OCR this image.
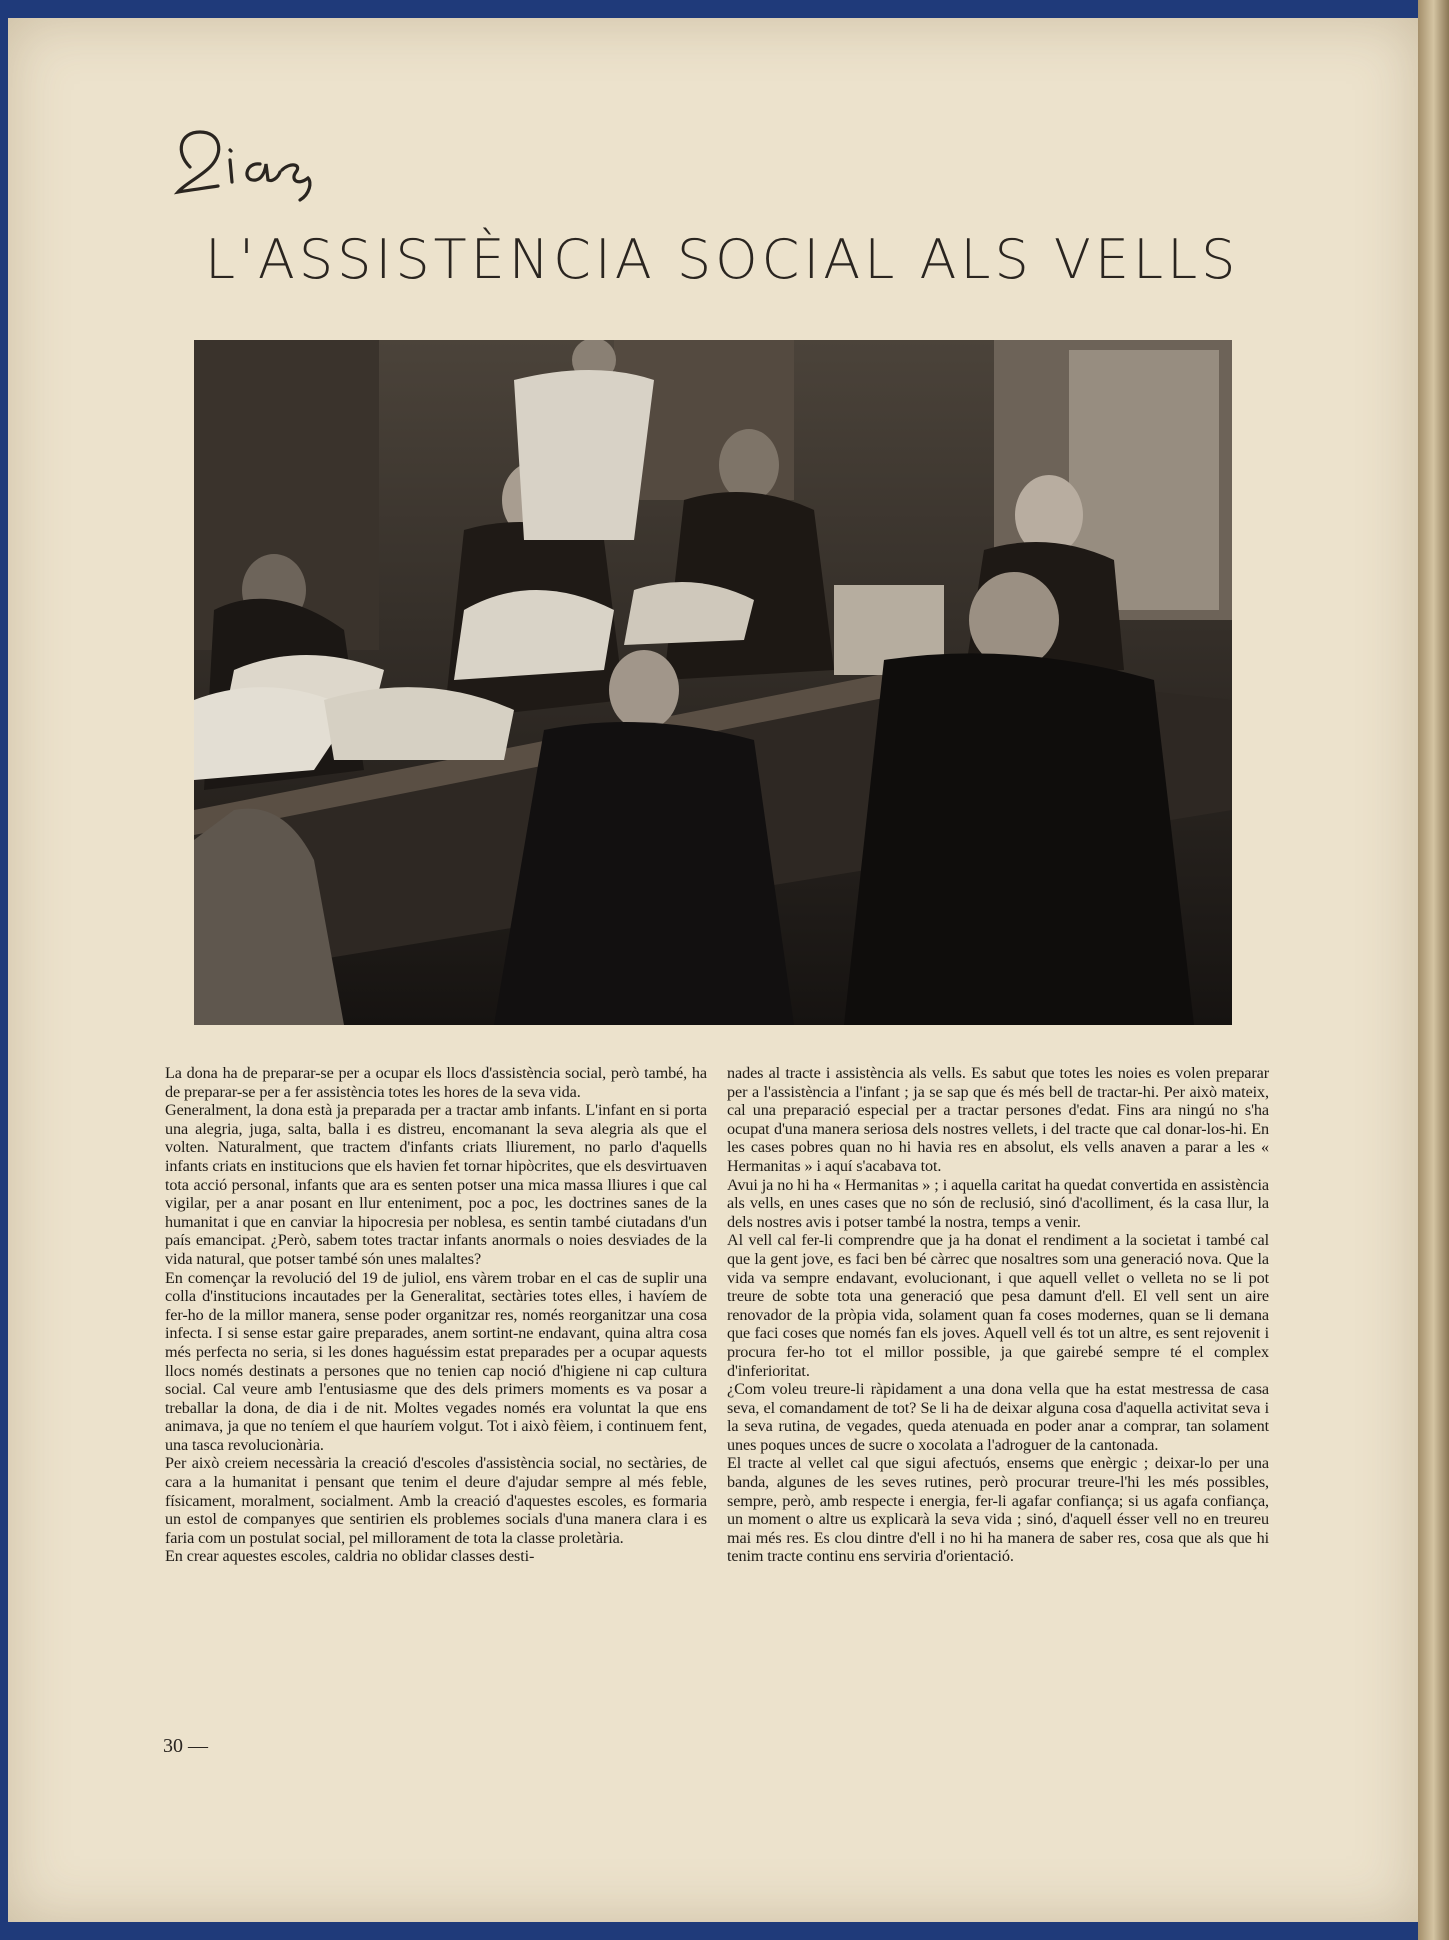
L'ASSISTÈNCIA SOCIAL ALS VELLS

La dona ha de preparar-se per a ocupar els llocs d'assistència social, però també, ha de preparar-se per a fer assistència totes les hores de la seva vida.

Generalment, la dona està ja preparada per a tractar amb infants. L'infant en si porta una alegria, juga, salta, balla i es distreu, encomanant la seva alegria als que el volten. Naturalment, que tractem d'infants criats lliurement, no parlo d'aquells infants criats en institucions que els havien fet tornar hipòcrites, que els desvirtuaven tota acció personal, infants que ara es senten potser una mica massa lliures i que cal vigilar, per a anar posant en llur enteniment, poc a poc, les doctrines sanes de la humanitat i que en canviar la hipocresia per noblesa, es sentin també ciutadans d'un país emancipat. ¿Però, sabem totes tractar infants anormals o noies desviades de la vida natural, que potser també són unes malaltes?

En començar la revolució del 19 de juliol, ens vàrem trobar en el cas de suplir una colla d'institucions incautades per la Generalitat, sectàries totes elles, i havíem de fer-ho de la millor manera, sense poder organitzar res, només reorganitzar una cosa infecta. I si sense estar gaire preparades, anem sortint-ne endavant, quina altra cosa més perfecta no seria, si les dones haguéssim estat preparades per a ocupar aquests llocs només destinats a persones que no tenien cap noció d'higiene ni cap cultura social. Cal veure amb l'entusiasme que des dels primers moments es va posar a treballar la dona, de dia i de nit. Moltes vegades només era voluntat la que ens animava, ja que no teníem el que hauríem volgut. Tot i això fèiem, i continuem fent, una tasca revolucionària.

Per això creiem necessària la creació d'escoles d'assistència social, no sectàries, de cara a la humanitat i pensant que tenim el deure d'ajudar sempre al més feble, físicament, moralment, socialment. Amb la creació d'aquestes escoles, es formaria un estol de companyes que sentirien els problemes socials d'una manera clara i es faria com un postulat social, pel millorament de tota la classe proletària.

En crear aquestes escoles, caldria no oblidar classes desti-

nades al tracte i assistència als vells. Es sabut que totes les noies es volen preparar per a l'assistència a l'infant ; ja se sap que és més bell de tractar-hi. Per això mateix, cal una preparació especial per a tractar persones d'edat. Fins ara ningú no s'ha ocupat d'una manera seriosa dels nostres vellets, i del tracte que cal donar-los-hi. En les cases pobres quan no hi havia res en absolut, els vells anaven a parar a les « Hermanitas » i aquí s'acabava tot.

Avui ja no hi ha « Hermanitas » ; i aquella caritat ha quedat convertida en assistència als vells, en unes cases que no són de reclusió, sinó d'acolliment, és la casa llur, la dels nostres avis i potser també la nostra, temps a venir.

Al vell cal fer-li comprendre que ja ha donat el rendiment a la societat i també cal que la gent jove, es faci ben bé càrrec que nosaltres som una generació nova. Que la vida va sempre endavant, evolucionant, i que aquell vellet o velleta no se li pot treure de sobte tota una generació que pesa damunt d'ell. El vell sent un aire renovador de la pròpia vida, solament quan fa coses modernes, quan se li demana que faci coses que només fan els joves. Aquell vell és tot un altre, es sent rejovenit i procura fer-ho tot el millor possible, ja que gairebé sempre té el complex d'inferioritat.

¿Com voleu treure-li ràpidament a una dona vella que ha estat mestressa de casa seva, el comandament de tot? Se li ha de deixar alguna cosa d'aquella activitat seva i la seva rutina, de vegades, queda atenuada en poder anar a comprar, tan solament unes poques unces de sucre o xocolata a l'adroguer de la cantonada.

El tracte al vellet cal que sigui afectuós, ensems que enèrgic ; deixar-lo per una banda, algunes de les seves rutines, però procurar treure-l'hi les més possibles, sempre, però, amb respecte i energia, fer-li agafar confiança; si us agafa confiança, un moment o altre us explicarà la seva vida ; sinó, d'aquell ésser vell no en treureu mai més res. Es clou dintre d'ell i no hi ha manera de saber res, cosa que als que hi tenim tracte continu ens serviria d'orientació.

30 —
